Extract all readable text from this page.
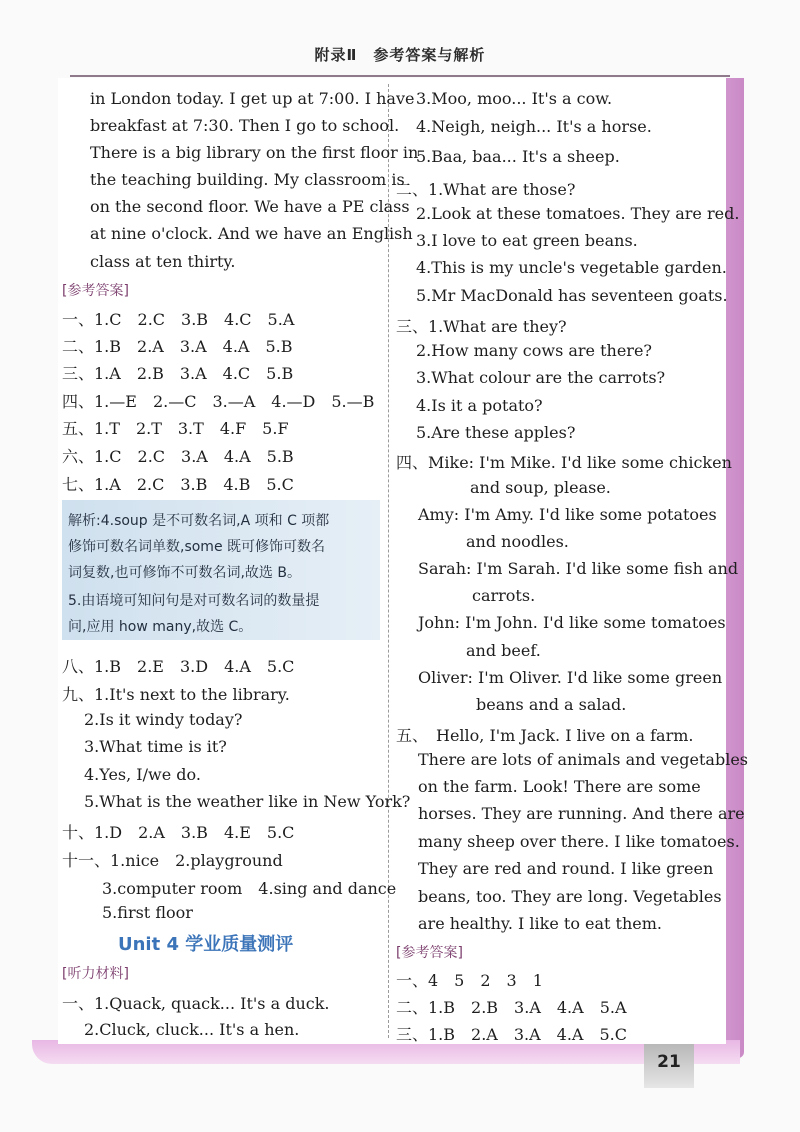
附录Ⅱ　参考答案与解析
in London today. I get up at 7:00. I have
breakfast at 7:30. Then I go to school.
There is a big library on the first floor in
the teaching building. My classroom is
on the second floor. We have a PE class
at nine o'clock. And we have an English
class at ten thirty.
[参考答案]
一、1.C　2.C　3.B　4.C　5.A
二、1.B　2.A　3.A　4.A　5.B
三、1.A　2.B　3.A　4.C　5.B
四、1.—E　2.—C　3.—A　4.—D　5.—B
五、1.T　2.T　3.T　4.F　5.F
六、1.C　2.C　3.A　4.A　5.B
七、1.A　2.C　3.B　4.B　5.C
解析:4.soup 是不可数名词,A 项和 C 项都
修饰可数名词单数,some 既可修饰可数名
词复数,也可修饰不可数名词,故选 B。
5.由语境可知问句是对可数名词的数量提
问,应用 how many,故选 C。
八、1.B　2.E　3.D　4.A　5.C
九、1.It's next to the library.
2.Is it windy today?
3.What time is it?
4.Yes, I/we do.
5.What is the weather like in New York?
十、1.D　2.A　3.B　4.E　5.C
十一、1.nice　2.playground
3.computer room　4.sing and dance
5.first floor
Unit 4 学业质量测评
[听力材料]
一、1.Quack, quack... It's a duck.
2.Cluck, cluck... It's a hen.
3.Moo, moo... It's a cow.
4.Neigh, neigh... It's a horse.
5.Baa, baa... It's a sheep.
二、1.What are those?
2.Look at these tomatoes. They are red.
3.I love to eat green beans.
4.This is my uncle's vegetable garden.
5.Mr MacDonald has seventeen goats.
三、1.What are they?
2.How many cows are there?
3.What colour are the carrots?
4.Is it a potato?
5.Are these apples?
四、Mike: I'm Mike. I'd like some chicken
and soup, please.
Amy: I'm Amy. I'd like some potatoes
and noodles.
Sarah: I'm Sarah. I'd like some fish and
carrots.
John: I'm John. I'd like some tomatoes
and beef.
Oliver: I'm Oliver. I'd like some green
beans and a salad.
五、　Hello, I'm Jack. I live on a farm.
There are lots of animals and vegetables
on the farm. Look! There are some
horses. They are running. And there are
many sheep over there. I like tomatoes.
They are red and round. I like green
beans, too. They are long. Vegetables
are healthy. I like to eat them.
[参考答案]
一、4　5　2　3　1
二、1.B　2.B　3.A　4.A　5.A
三、1.B　2.A　3.A　4.A　5.C
21
